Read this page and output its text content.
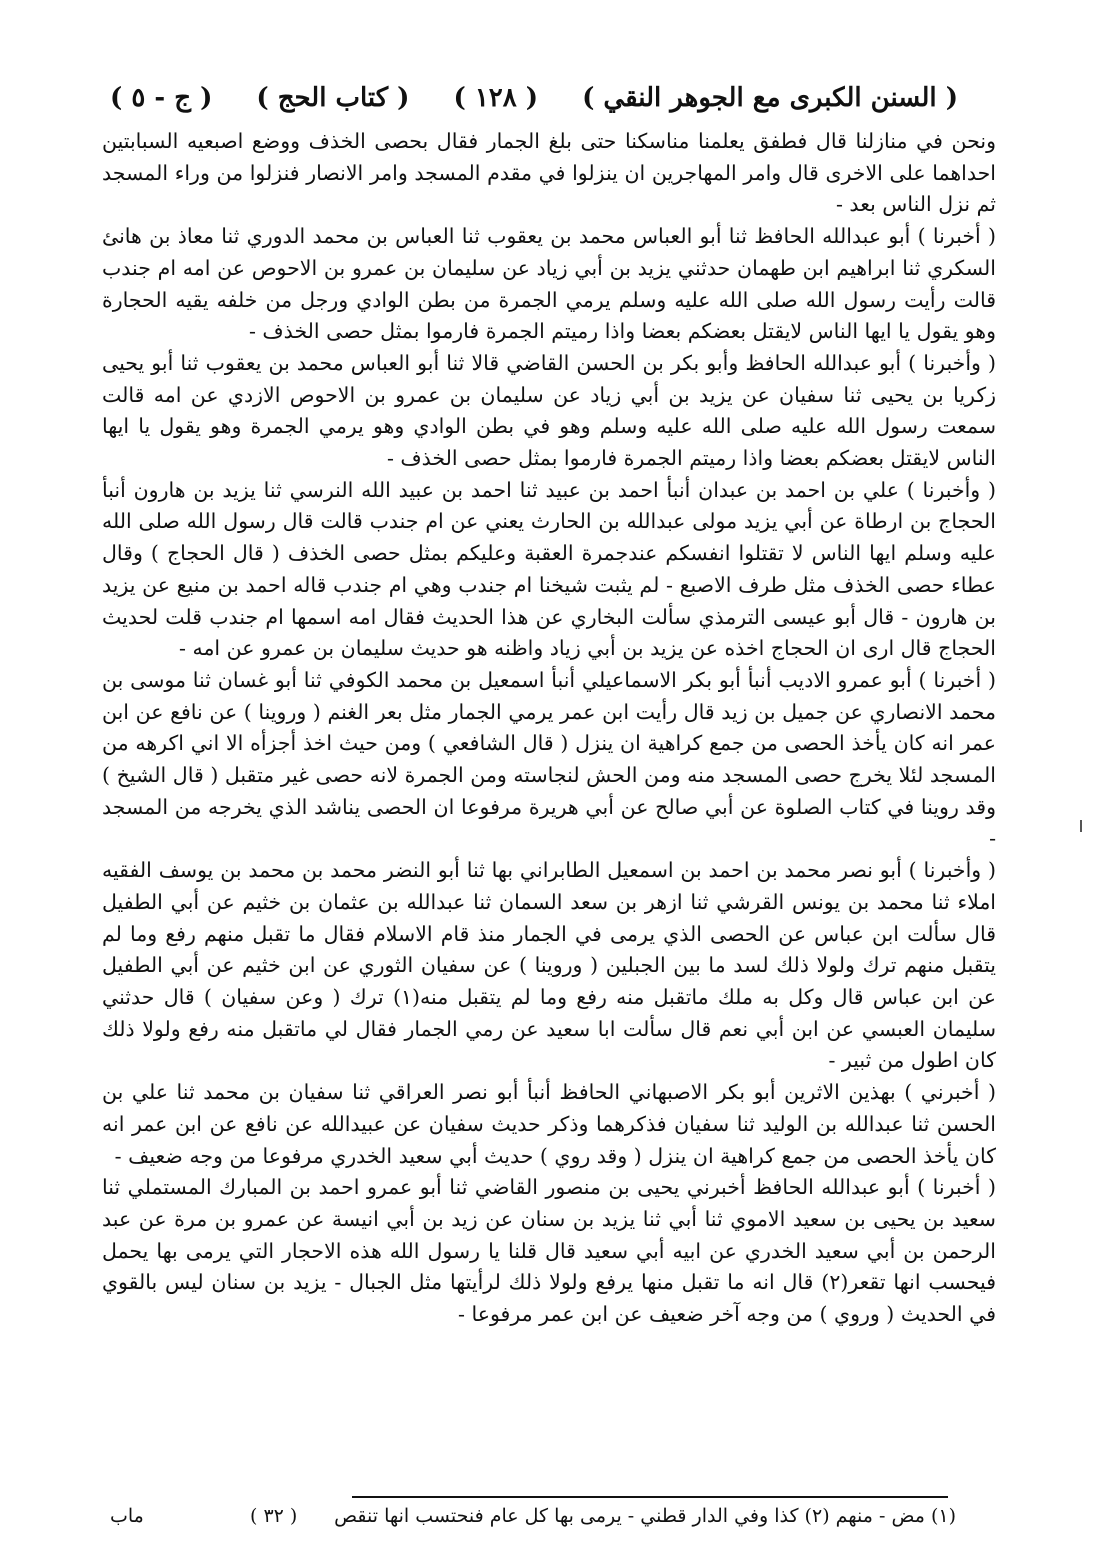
( السنن الكبرى مع الجوهر النقي )
( ١٢٨ )
( كتاب الحج )
( ج - ٥ )

ونحن في منازلنا قال فطفق يعلمنا مناسكنا حتى بلغ الجمار فقال بحصى الخذف ووضع اصبعيه السبابتين احداهما على الاخرى قال وامر المهاجرين ان ينزلوا في مقدم المسجد وامر الانصار فنزلوا من وراء المسجد ثم نزل الناس بعد -

( أخبرنا ) أبو عبدالله الحافظ ثنا أبو العباس محمد بن يعقوب ثنا العباس بن محمد الدوري ثنا معاذ بن هانئ السكري ثنا ابراهيم ابن طهمان حدثني يزيد بن أبي زياد عن سليمان بن عمرو بن الاحوص عن امه ام جندب قالت رأيت رسول الله صلى الله عليه وسلم يرمي الجمرة من بطن الوادي ورجل من خلفه يقيه الحجارة وهو يقول يا ايها الناس لايقتل بعضكم بعضا واذا رميتم الجمرة فارموا بمثل حصى الخذف -

( وأخبرنا ) أبو عبدالله الحافظ وأبو بكر بن الحسن القاضي قالا ثنا أبو العباس محمد بن يعقوب ثنا أبو يحيى زكريا بن يحيى ثنا سفيان عن يزيد بن أبي زياد عن سليمان بن عمرو بن الاحوص الازدي عن امه قالت سمعت رسول الله عليه صلى الله عليه وسلم وهو في بطن الوادي وهو يرمي الجمرة وهو يقول يا ايها الناس لايقتل بعضكم بعضا واذا رميتم الجمرة فارموا بمثل حصى الخذف -

( وأخبرنا ) علي بن احمد بن عبدان أنبأ احمد بن عبيد ثنا احمد بن عبيد الله النرسي ثنا يزيد بن هارون أنبأ الحجاج بن ارطاة عن أبي يزيد مولى عبدالله بن الحارث يعني عن ام جندب قالت قال رسول الله صلى الله عليه وسلم ايها الناس لا تقتلوا انفسكم عندجمرة العقبة وعليكم بمثل حصى الخذف ( قال الحجاج ) وقال عطاء حصى الخذف مثل طرف الاصبع - لم يثبت شيخنا ام جندب وهي ام جندب قاله احمد بن منيع عن يزيد بن هارون - قال أبو عيسى الترمذي سألت البخاري عن هذا الحديث فقال امه اسمها ام جندب قلت لحديث الحجاج قال ارى ان الحجاج اخذه عن يزيد بن أبي زياد واظنه هو حديث سليمان بن عمرو عن امه -

( أخبرنا ) أبو عمرو الاديب أنبأ أبو بكر الاسماعيلي أنبأ اسمعيل بن محمد الكوفي ثنا أبو غسان ثنا موسى بن محمد الانصاري عن جميل بن زيد قال رأيت ابن عمر يرمي الجمار مثل بعر الغنم ( وروينا ) عن نافع عن ابن عمر انه كان يأخذ الحصى من جمع كراهية ان ينزل ( قال الشافعي ) ومن حيث اخذ أجزأه الا اني اكرهه من المسجد لئلا يخرج حصى المسجد منه ومن الحش لنجاسته ومن الجمرة لانه حصى غير متقبل ( قال الشيخ ) وقد روينا في كتاب الصلوة عن أبي صالح عن أبي هريرة مرفوعا ان الحصى يناشد الذي يخرجه من المسجد -

( وأخبرنا ) أبو نصر محمد بن احمد بن اسمعيل الطابراني بها ثنا أبو النضر محمد بن محمد بن يوسف الفقيه املاء ثنا محمد بن يونس القرشي ثنا ازهر بن سعد السمان ثنا عبدالله بن عثمان بن خثيم عن أبي الطفيل قال سألت ابن عباس عن الحصى الذي يرمى في الجمار منذ قام الاسلام فقال ما تقبل منهم رفع وما لم يتقبل منهم ترك ولولا ذلك لسد ما بين الجبلين ( وروينا ) عن سفيان الثوري عن ابن خثيم عن أبي الطفيل عن ابن عباس قال وكل به ملك ماتقبل منه رفع وما لم يتقبل منه(١) ترك ( وعن سفيان ) قال حدثني سليمان العبسي عن ابن أبي نعم قال سألت ابا سعيد عن رمي الجمار فقال لي ماتقبل منه رفع ولولا ذلك كان اطول من ثبير -

( أخبرني ) بهذين الاثرين أبو بكر الاصبهاني الحافظ أنبأ أبو نصر العراقي ثنا سفيان بن محمد ثنا علي بن الحسن ثنا عبدالله بن الوليد ثنا سفيان فذكرهما وذكر حديث سفيان عن عبيدالله عن نافع عن ابن عمر انه كان يأخذ الحصى من جمع كراهية ان ينزل ( وقد روي ) حديث أبي سعيد الخدري مرفوعا من وجه ضعيف -

( أخبرنا ) أبو عبدالله الحافظ أخبرني يحيى بن منصور القاضي ثنا أبو عمرو احمد بن المبارك المستملي ثنا سعيد بن يحيى بن سعيد الاموي ثنا أبي ثنا يزيد بن سنان عن زيد بن أبي انيسة عن عمرو بن مرة عن عبد الرحمن بن أبي سعيد الخدري عن ابيه أبي سعيد قال قلنا يا رسول الله هذه الاحجار التي يرمى بها يحمل فيحسب انها تقعر(٢) قال انه ما تقبل منها يرفع ولولا ذلك لرأيتها مثل الجبال - يزيد بن سنان ليس بالقوي في الحديث ( وروي ) من وجه آخر ضعيف عن ابن عمر مرفوعا -

(١) مض - منهم (٢) كذا وفي الدار قطني - يرمى بها كل عام فنحتسب انها تنقص
( ٣٢ )
ماب
